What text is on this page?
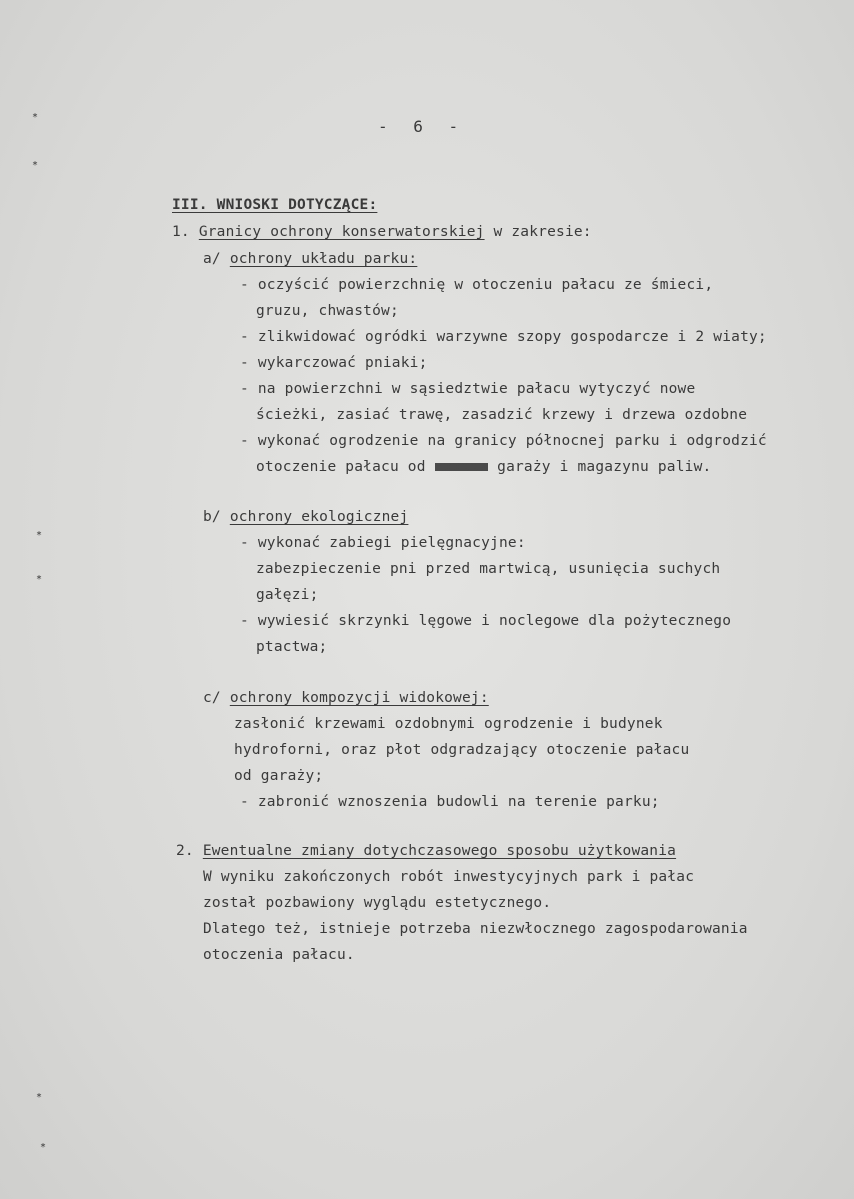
*
*
*
*
*
*
- 6 -
III. WNIOSKI DOTYCZĄCE:
1. Granicy ochrony konserwatorskiej w zakresie:
a/ ochrony układu parku:
- oczyścić powierzchnię w otoczeniu pałacu ze śmieci,
gruzu, chwastów;
- zlikwidować ogródki warzywne szopy gospodarcze i 2 wiaty;
- wykarczować pniaki;
- na powierzchni w sąsiedztwie pałacu wytyczyć nowe
ścieżki, zasiać trawę, zasadzić krzewy i drzewa ozdobne
- wykonać ogrodzenie na granicy północnej parku i odgrodzić
otoczenie pałacu od xxxxxx garaży i magazynu paliw.
b/ ochrony ekologicznej
- wykonać zabiegi pielęgnacyjne:
zabezpieczenie pni przed martwicą, usunięcia suchych
gałęzi;
- wywiesić skrzynki lęgowe i noclegowe dla pożytecznego
ptactwa;
c/ ochrony kompozycji widokowej:
zasłonić krzewami ozdobnymi ogrodzenie i budynek
hydroforni, oraz płot odgradzający otoczenie pałacu
od garaży;
- zabronić wznoszenia budowli na terenie parku;
2. Ewentualne zmiany dotychczasowego sposobu użytkowania
W wyniku zakończonych robót inwestycyjnych park i pałac
został pozbawiony wyglądu estetycznego.
Dlatego też, istnieje potrzeba niezwłocznego zagospodarowania
otoczenia pałacu.
